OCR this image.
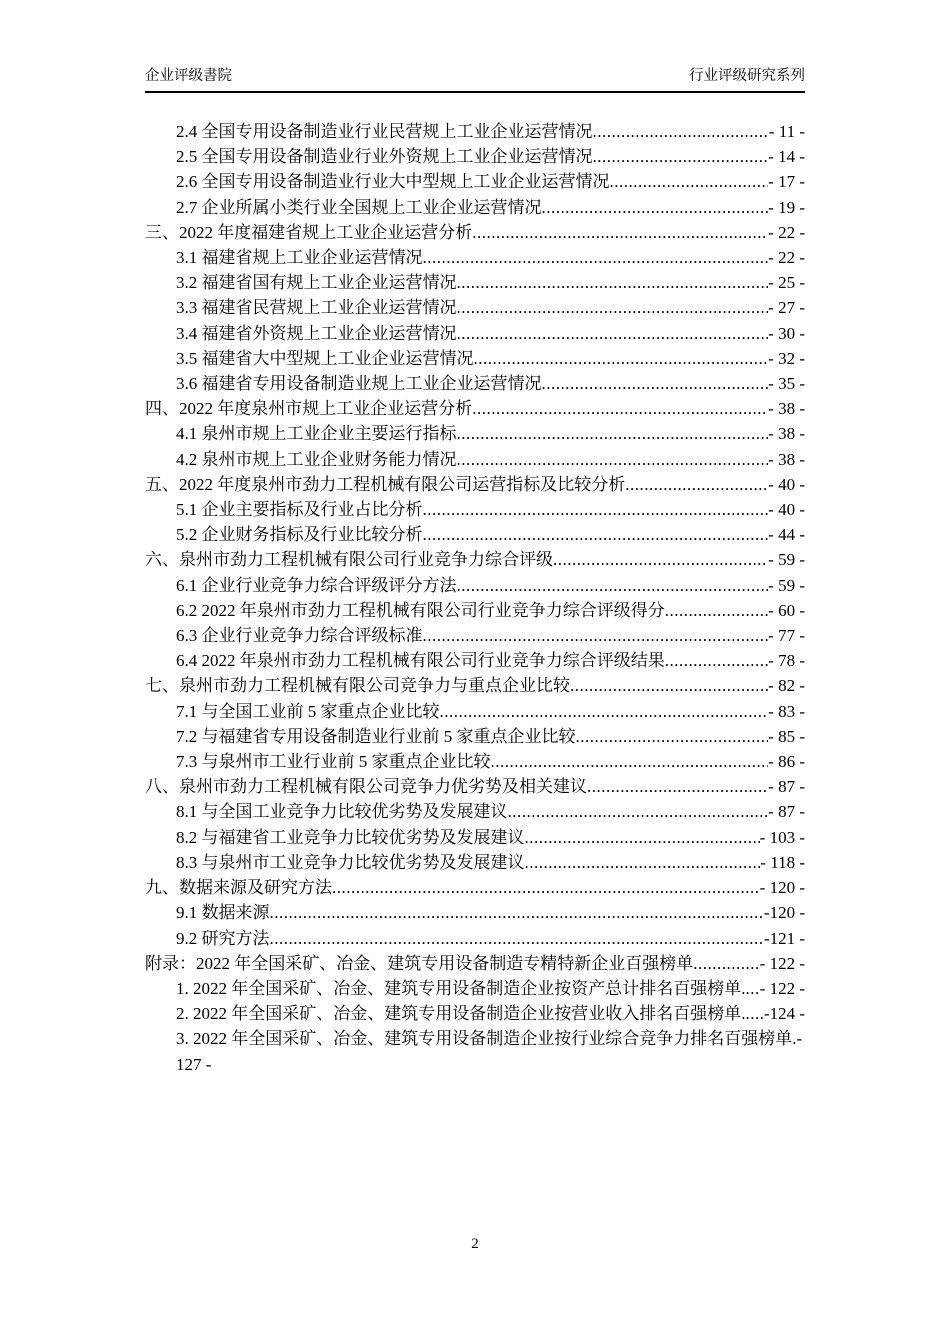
企业评级書院	行业评级研究系列
2.4 全国专用设备制造业行业民营规上工业企业运营情况 .....	- 11 -
2.5 全国专用设备制造业行业外资规上工业企业运营情况 .....	- 14 -
2.6 全国专用设备制造业行业大中型规上工业企业运营情况 .....	- 17 -
2.7 企业所属小类行业全国规上工业企业运营情况 .....	- 19 -
三、2022 年度福建省规上工业企业运营分析 .....	- 22 -
3.1 福建省规上工业企业运营情况 .....	- 22 -
3.2 福建省国有规上工业企业运营情况 .....	- 25 -
3.3 福建省民营规上工业企业运营情况 .....	- 27 -
3.4 福建省外资规上工业企业运营情况 .....	- 30 -
3.5 福建省大中型规上工业企业运营情况 .....	- 32 -
3.6 福建省专用设备制造业规上工业企业运营情况 .....	- 35 -
四、2022 年度泉州市规上工业企业运营分析 .....	- 38 -
4.1 泉州市规上工业企业主要运行指标 .....	- 38 -
4.2 泉州市规上工业企业财务能力情况 .....	- 38 -
五、2022 年度泉州市劲力工程机械有限公司运营指标及比较分析 .....	- 40 -
5.1 企业主要指标及行业占比分析 .....	- 40 -
5.2 企业财务指标及行业比较分析 .....	- 44 -
六、泉州市劲力工程机械有限公司行业竞争力综合评级 .....	- 59 -
6.1 企业行业竞争力综合评级评分方法 .....	- 59 -
6.2 2022 年泉州市劲力工程机械有限公司行业竞争力综合评级得分 .....	- 60 -
6.3 企业行业竞争力综合评级标准 .....	- 77 -
6.4 2022 年泉州市劲力工程机械有限公司行业竞争力综合评级结果 .....	- 78 -
七、泉州市劲力工程机械有限公司竞争力与重点企业比较 .....	- 82 -
7.1 与全国工业前 5 家重点企业比较 .....	- 83 -
7.2 与福建省专用设备制造业行业前 5 家重点企业比较 .....	- 85 -
7.3 与泉州市工业行业前 5 家重点企业比较 .....	- 86 -
八、泉州市劲力工程机械有限公司竞争力优劣势及相关建议 .....	- 87 -
8.1 与全国工业竞争力比较优劣势及发展建议 .....	- 87 -
8.2 与福建省工业竞争力比较优劣势及发展建议 .....	- 103 -
8.3 与泉州市工业竞争力比较优劣势及发展建议 .....	- 118 -
九、数据来源及研究方法 .....	- 120 -
9.1 数据来源 .....	-120 -
9.2 研究方法 .....	-121 -
附录：2022 年全国采矿、冶金、建筑专用设备制造专精特新企业百强榜单 .....	- 122 -
1. 2022 年全国采矿、冶金、建筑专用设备制造企业按资产总计排名百强榜单. ..... - 122 -
2. 2022 年全国采矿、冶金、建筑专用设备制造企业按营业收入排名百强榜单. ..... -124 -
3. 2022 年全国采矿、冶金、建筑专用设备制造企业按行业综合竞争力排名百强榜单.-
127 -
2
